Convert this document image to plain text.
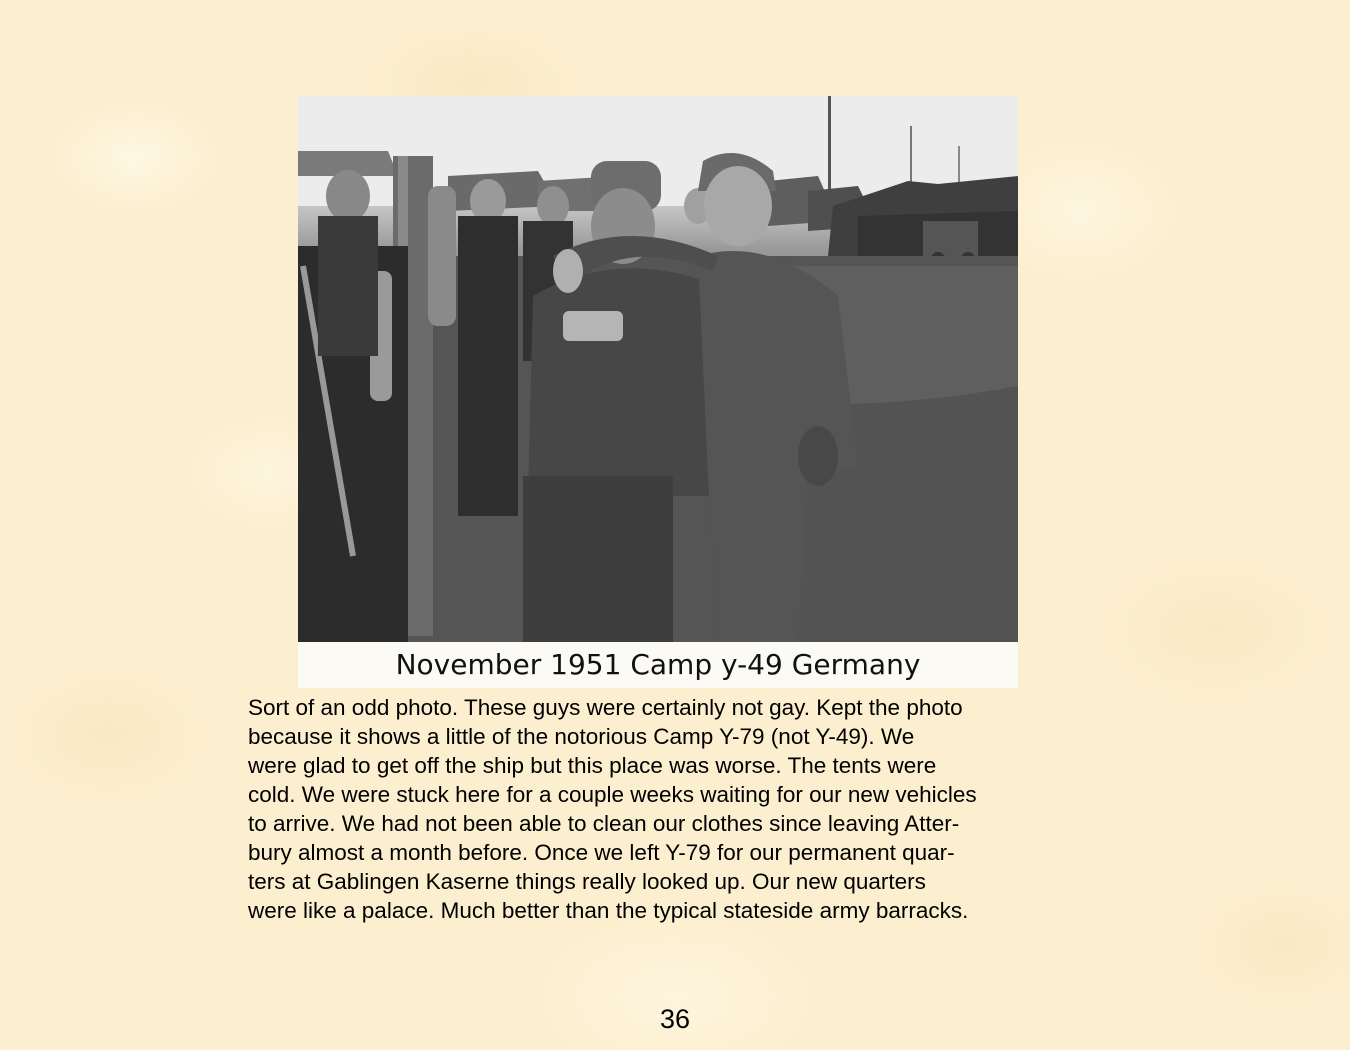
November 1951 Camp y-49 Germany

Sort of an odd photo. These guys were certainly not gay. Kept the photo
because it shows a little of the notorious Camp Y-79 (not Y-49). We
were glad to get off the ship but this place was worse. The tents were
cold. We were stuck here for a couple weeks waiting for our new vehicles
to arrive. We had not been able to clean our clothes since leaving Atter-
bury almost a month before. Once we left Y-79 for our permanent quar-
ters at Gablingen Kaserne things really looked up. Our new quarters
were like a palace. Much better than the typical stateside army barracks.

36
